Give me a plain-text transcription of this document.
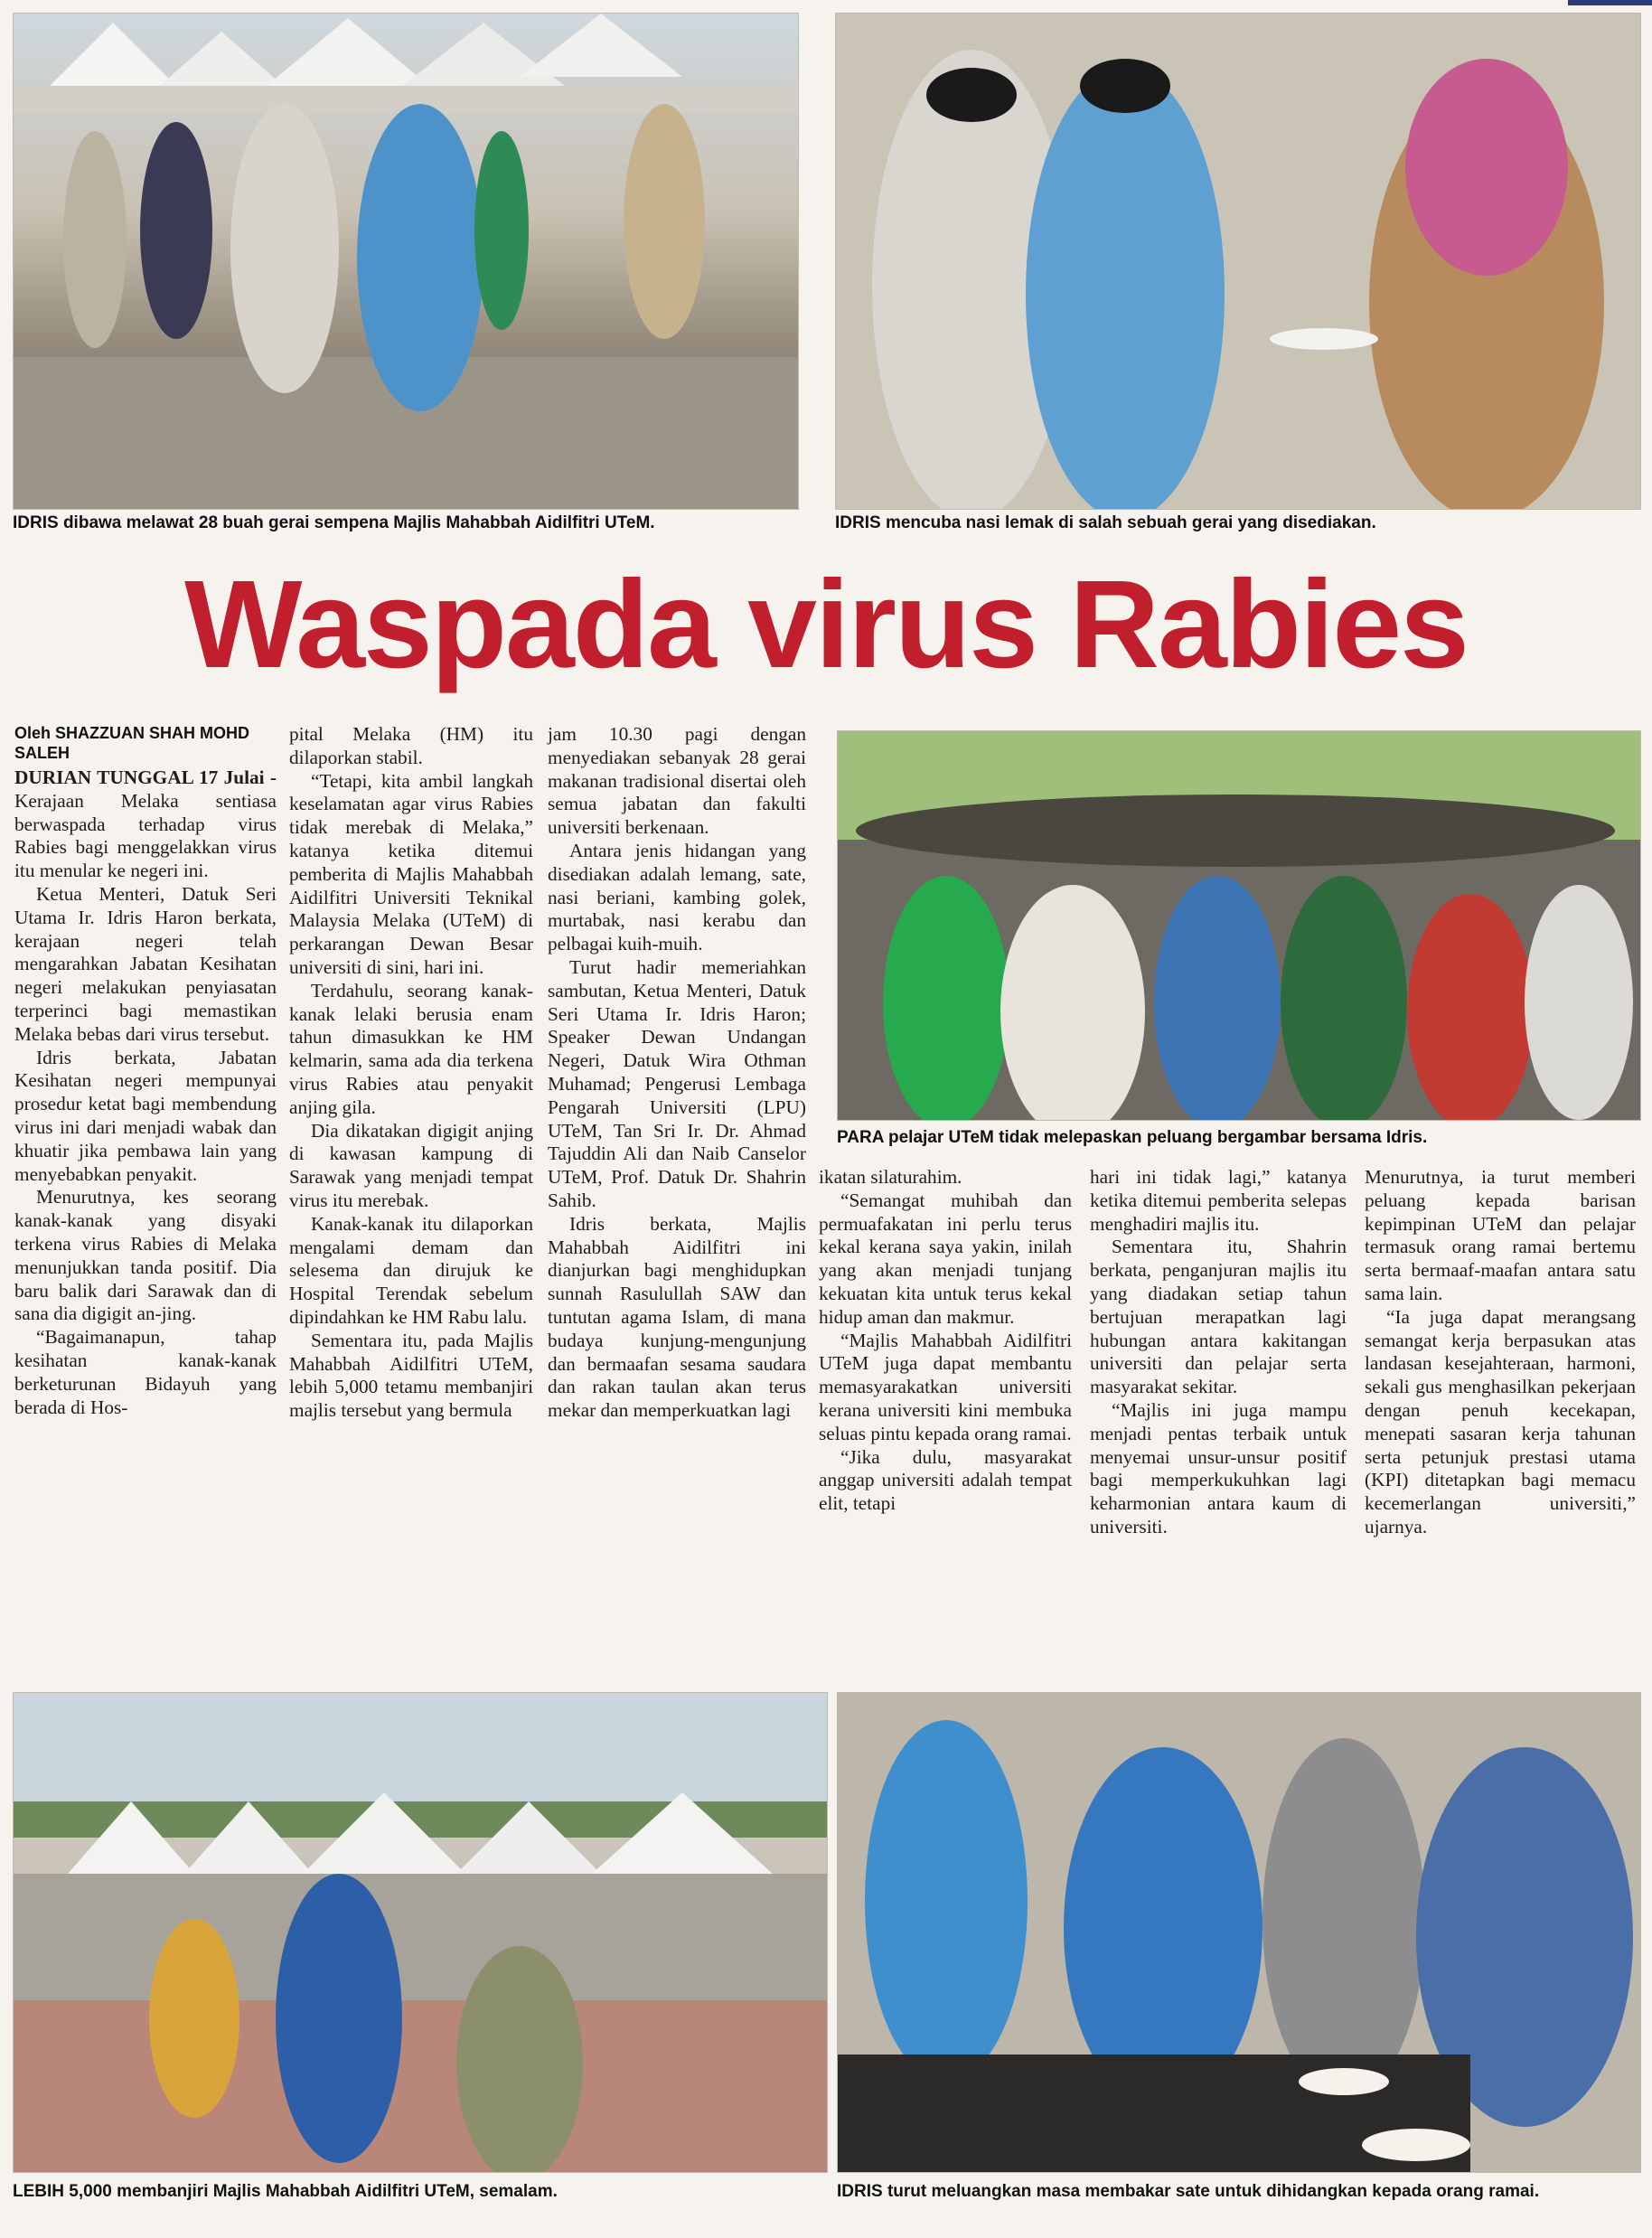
IDRIS dibawa melawat 28 buah gerai sempena Majlis Mahabbah Aidilfitri UTeM.	IDRIS mencuba nasi lemak di salah sebuah gerai yang disediakan.
Waspada virus Rabies
Oleh SHAZZUAN SHAH MOHD SALEH

DURIAN TUNGGAL 17 Julai - Kerajaan Melaka sentiasa berwaspada terhadap virus Rabies bagi menggelakkan virus itu menular ke negeri ini.

Ketua Menteri, Datuk Seri Utama Ir. Idris Haron berkata, kerajaan negeri telah mengarahkan Jabatan Kesihatan negeri melakukan penyiasatan terperinci bagi memastikan Melaka bebas dari virus tersebut.

Idris berkata, Jabatan Kesihatan negeri mempunyai prosedur ketat bagi membendung virus ini dari menjadi wabak dan khuatir jika pembawa lain yang menyebabkan penyakit.

Menurutnya, kes seorang kanak-kanak yang disyaki terkena virus Rabies di Melaka menunjukkan tanda positif. Dia baru balik dari Sarawak dan di sana dia digigit an-jing.

“Bagaimanapun, tahap kesihatan kanak-kanak berketurunan Bidayuh yang berada di Hos-

pital Melaka (HM) itu dilaporkan stabil.

“Tetapi, kita ambil langkah keselamatan agar virus Rabies tidak merebak di Melaka,” katanya ketika ditemui pemberita di Majlis Mahabbah Aidilfitri Universiti Teknikal Malaysia Melaka (UTeM) di perkarangan Dewan Besar universiti di sini, hari ini.

Terdahulu, seorang kanak-kanak lelaki berusia enam tahun dimasukkan ke HM kelmarin, sama ada dia terkena virus Rabies atau penyakit anjing gila.

Dia dikatakan digigit anjing di kawasan kampung di Sarawak yang menjadi tempat virus itu merebak.

Kanak-kanak itu dilaporkan mengalami demam dan selesema dan dirujuk ke Hospital Terendak sebelum dipindahkan ke HM Rabu lalu.

Sementara itu, pada Majlis Mahabbah Aidilfitri UTeM, lebih 5,000 tetamu membanjiri majlis tersebut yang bermula

jam 10.30 pagi dengan menyediakan sebanyak 28 gerai makanan tradisional disertai oleh semua jabatan dan fakulti universiti berkenaan.

Antara jenis hidangan yang disediakan adalah lemang, sate, nasi beriani, kambing golek, murtabak, nasi kerabu dan pelbagai kuih-muih.

Turut hadir memeriahkan sambutan, Ketua Menteri, Datuk Seri Utama Ir. Idris Haron; Speaker Dewan Undangan Negeri, Datuk Wira Othman Muhamad; Pengerusi Lembaga Pengarah Universiti (LPU) UTeM, Tan Sri Ir. Dr. Ahmad Tajuddin Ali dan Naib Canselor UTeM, Prof. Datuk Dr. Shahrin Sahib.

Idris berkata, Majlis Mahabbah Aidilfitri ini dianjurkan bagi menghidupkan sunnah Rasulullah SAW dan tuntutan agama Islam, di mana budaya kunjung-mengunjung dan bermaafan sesama saudara dan rakan taulan akan terus mekar dan memperkuatkan lagi

PARA pelajar UTeM tidak melepaskan peluang bergambar bersama Idris.

ikatan silaturahim.

“Semangat muhibah dan permuafakatan ini perlu terus kekal kerana saya yakin, inilah yang akan menjadi tunjang kekuatan kita untuk terus kekal hidup aman dan makmur.

“Majlis Mahabbah Aidilfitri UTeM juga dapat membantu memasyarakatkan universiti kerana universiti kini membuka seluas pintu kepada orang ramai.

“Jika dulu, masyarakat anggap universiti adalah tempat elit, tetapi

hari ini tidak lagi,” katanya ketika ditemui pemberita selepas menghadiri majlis itu.

Sementara itu, Shahrin berkata, penganjuran majlis itu yang diadakan setiap tahun bertujuan merapatkan lagi hubungan antara kakitangan universiti dan pelajar serta masyarakat sekitar.

“Majlis ini juga mampu menjadi pentas terbaik untuk menyemai unsur-unsur positif bagi memperkukuhkan lagi keharmonian antara kaum di universiti.

Menurutnya, ia turut memberi peluang kepada barisan kepimpinan UTeM dan pelajar termasuk orang ramai bertemu serta bermaaf-maafan antara satu sama lain.

“Ia juga dapat merangsang semangat kerja berpasukan atas landasan kesejahteraan, harmoni, sekali gus menghasilkan pekerjaan dengan penuh kecekapan, menepati sasaran kerja tahunan serta petunjuk prestasi utama (KPI) ditetapkan bagi memacu kecemerlangan universiti,” ujarnya.

LEBIH 5,000 membanjiri Majlis Mahabbah Aidilfitri UTeM, semalam.	IDRIS turut meluangkan masa membakar sate untuk dihidangkan kepada orang ramai.
